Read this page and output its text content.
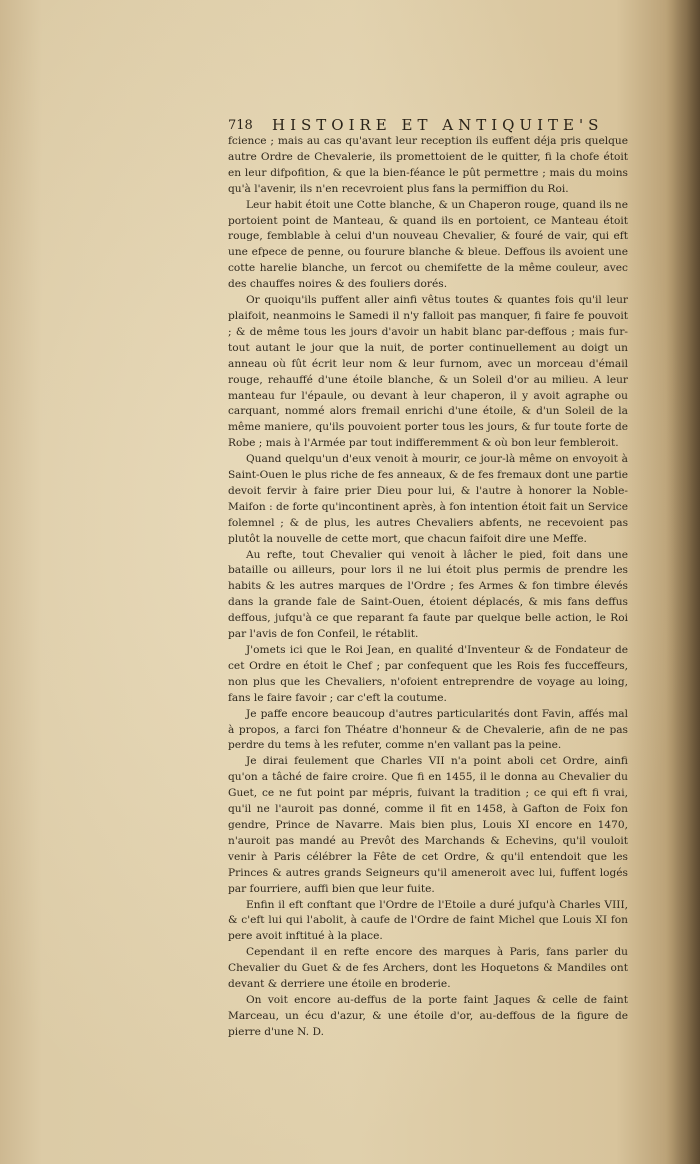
718 HISTOIRE ET ANTIQUITE'S

fcience ; mais au cas qu'avant leur reception ils euffent déja pris quelque autre Ordre de Chevalerie, ils promettoient de le quitter, fi la chofe étoit en leur difpofition, & que la bien-féance le pût permettre ; mais du moins qu'à l'avenir, ils n'en recevroient plus fans la permiffion du Roi.

Leur habit étoit une Cotte blanche, & un Chaperon rouge, quand ils ne portoient point de Manteau, & quand ils en portoient, ce Manteau étoit rouge, femblable à celui d'un nouveau Chevalier, & fouré de vair, qui eft une efpece de penne, ou fourure blanche & bleue. Deffous ils avoient une cotte harelie blanche, un fercot ou chemifette de la même couleur, avec des chauffes noires & des fouliers dorés.

Or quoiqu'ils puffent aller ainfi vêtus toutes & quantes fois qu'il leur plaifoit, neanmoins le Samedi il n'y falloit pas manquer, fi faire fe pouvoit ; & de même tous les jours d'avoir un habit blanc par-deffous ; mais fur-tout autant le jour que la nuit, de porter continuellement au doigt un anneau où fût écrit leur nom & leur furnom, avec un morceau d'émail rouge, rehauffé d'une étoile blanche, & un Soleil d'or au milieu. A leur manteau fur l'épaule, ou devant à leur chaperon, il y avoit agraphe ou carquant, nommé alors fremail enrichi d'une étoile, & d'un Soleil de la même maniere, qu'ils pouvoient porter tous les jours, & fur toute forte de Robe ; mais à l'Armée par tout indifferemment & où bon leur fembleroit.

Quand quelqu'un d'eux venoit à mourir, ce jour-là même on envoyoit à Saint-Ouen le plus riche de fes anneaux, & de fes fremaux dont une partie devoit fervir à faire prier Dieu pour lui, & l'autre à honorer la Noble-Maifon : de forte qu'incontinent après, à fon intention étoit fait un Service folemnel ; & de plus, les autres Chevaliers abfents, ne recevoient pas plutôt la nouvelle de cette mort, que chacun faifoit dire une Meffe.

Au refte, tout Chevalier qui venoit à lâcher le pied, foit dans une bataille ou ailleurs, pour lors il ne lui étoit plus permis de prendre les habits & les autres marques de l'Ordre ; fes Armes & fon timbre élevés dans la grande fale de Saint-Ouen, étoient déplacés, & mis fans deffus deffous, jufqu'à ce que reparant fa faute par quelque belle action, le Roi par l'avis de fon Confeil, le rétablit.

J'omets ici que le Roi Jean, en qualité d'Inventeur & de Fondateur de cet Ordre en étoit le Chef ; par confequent que les Rois fes fucceffeurs, non plus que les Chevaliers, n'ofoient entreprendre de voyage au loing, fans le faire favoir ; car c'eft la coutume.

Je paffe encore beaucoup d'autres particularités dont Favin, affés mal à propos, a farci fon Théatre d'honneur & de Chevalerie, afin de ne pas perdre du tems à les refuter, comme n'en vallant pas la peine.

Je dirai feulement que Charles VII n'a point aboli cet Ordre, ainfi qu'on a tâché de faire croire. Que fi en 1455, il le donna au Chevalier du Guet, ce ne fut point par mépris, fuivant la tradition ; ce qui eft fi vrai, qu'il ne l'auroit pas donné, comme il fit en 1458, à Gafton de Foix fon gendre, Prince de Navarre. Mais bien plus, Louis XI encore en 1470, n'auroit pas mandé au Prevôt des Marchands & Echevins, qu'il vouloit venir à Paris célébrer la Fête de cet Ordre, & qu'il entendoit que les Princes & autres grands Seigneurs qu'il ameneroit avec lui, fuffent logés par fourriere, auffi bien que leur fuite.

Enfin il eft conftant que l'Ordre de l'Etoile a duré jufqu'à Charles VIII, & c'eft lui qui l'abolit, à caufe de l'Ordre de faint Michel que Louis XI fon pere avoit inftitué à la place.

Cependant il en refte encore des marques à Paris, fans parler du Chevalier du Guet & de fes Archers, dont les Hoquetons & Mandiles ont devant & derriere une étoile en broderie.

On voit encore au-deffus de la porte faint Jaques & celle de faint Marceau, un écu d'azur, & une étoile d'or, au-deffous de la figure de pierre d'une N. D.
